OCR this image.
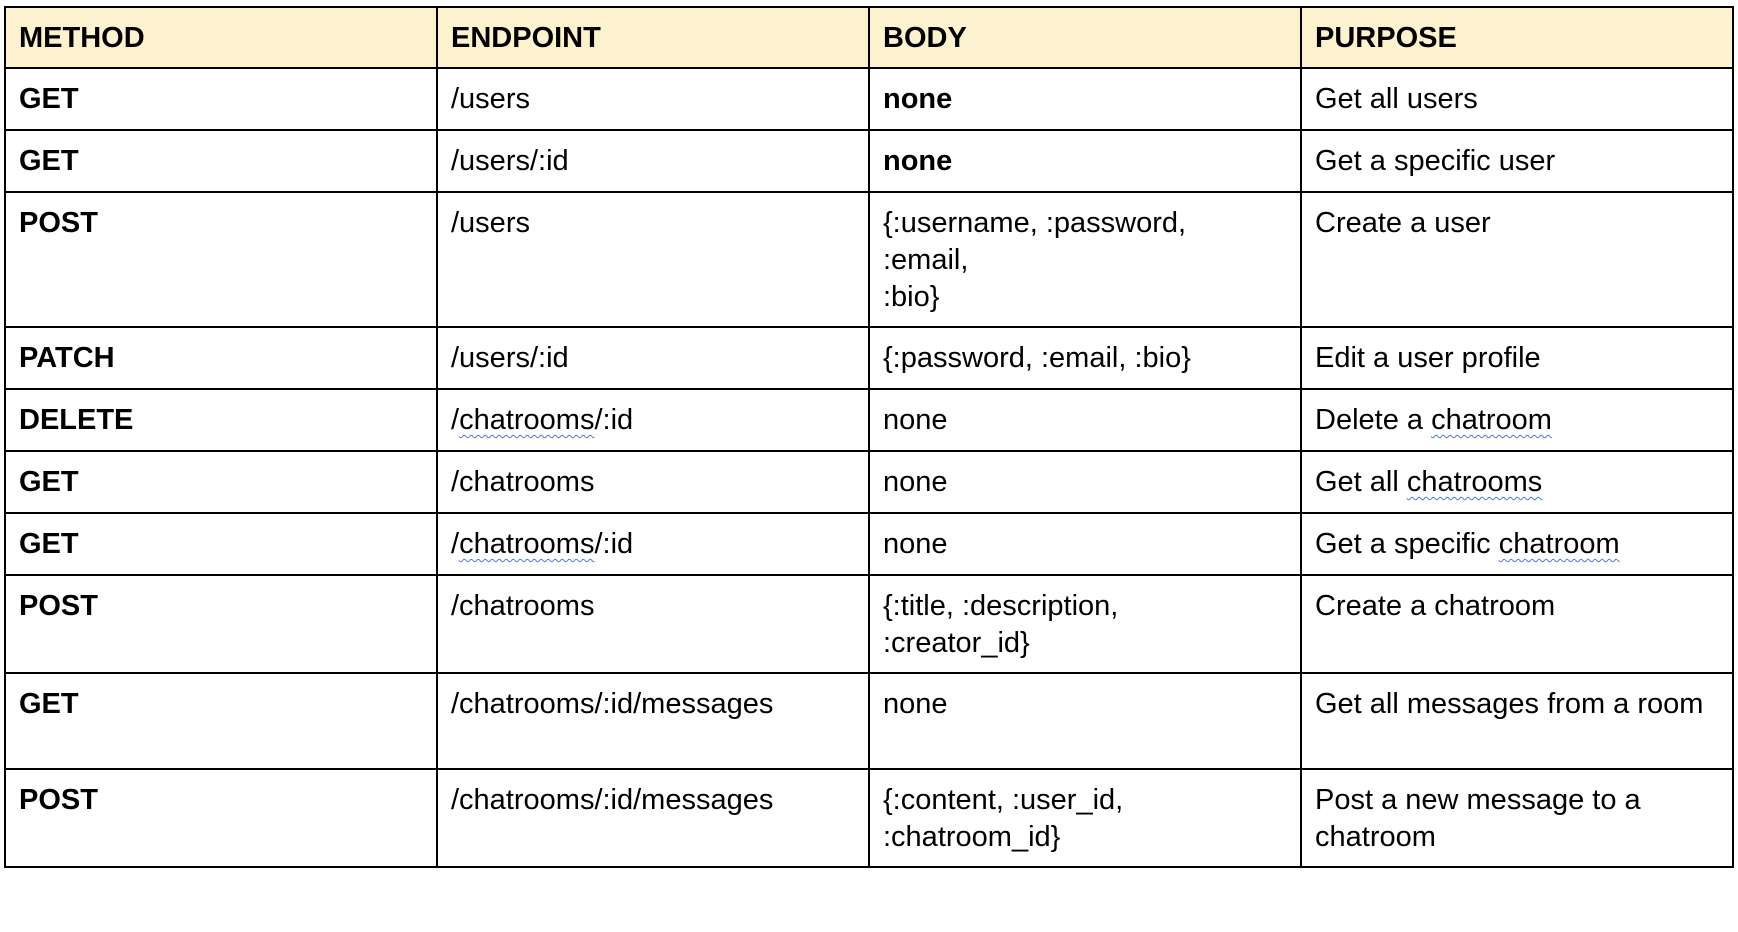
METHOD	ENDPOINT	BODY	PURPOSE
GET	/users	none	Get all users
GET	/users/:id	none	Get a specific user
POST	/users	{:username, :password,
:email,
:bio}	Create a user
PATCH	/users/:id	{:password, :email, :bio}	Edit a user profile
DELETE	/chatrooms/:id	none	Delete a chatroom
GET	/chatrooms	none	Get all chatrooms
GET	/chatrooms/:id	none	Get a specific chatroom
POST	/chatrooms	{:title, :description,
:creator_id}	Create a chatroom
GET	/chatrooms/:id/messages	none	Get all messages from a room
POST	/chatrooms/:id/messages	{:content, :user_id,
:chatroom_id}	Post a new message to a chatroom
